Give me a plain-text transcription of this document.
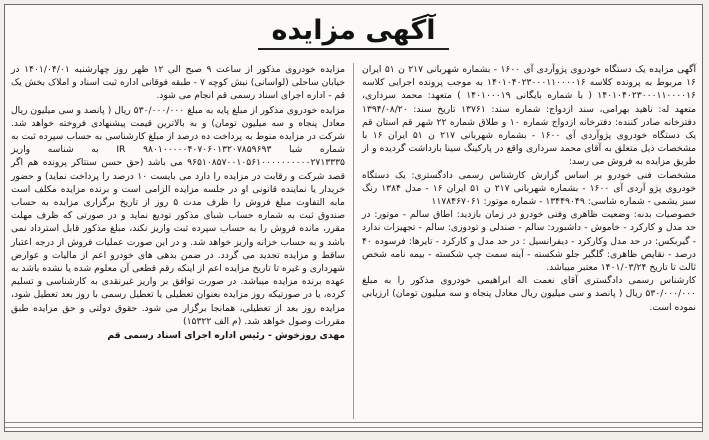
آگهی مزایده

آگهی مزایده یک دستگاه خودروی پژوآردی آی ۱۶۰۰ - بشماره شهربانی ۲۱۷ ن ۵۱ ایران ۱۶ مربوط به پرونده کلاسه ۱۴۰۱۰۴۰۲۳۰۰۰۱۱۰۰۰۰۱۶ به موجب پرونده اجرایی کلاسه ۱۴۰۱۰۴۰۲۳۰۰۰۱۱۰۰۰۰۱۶ ( با شماره بایگانی ۱۴۰۱۰۰۰۱۹ ) متعهد: محمد سرداری، متعهد له: ناهید بهرامی، سند ازدواج: شماره سند: ۱۳۷۶۱ تاریخ سند: ۱۳۹۴/۰۸/۲۰ دفترخانه صادر کننده: دفترخانه ازدواج شماره ۱۰ و طلاق شماره ۲۲ شهر قم استان قم یک دستگاه خودروی پژوآردی آی ۱۶۰۰ - بشماره شهربانی ۲۱۷ ن ۵۱ ایران ۱۶ با مشخصات ذیل متعلق به آقای محمد سرداری واقع در پارکینگ سینا بازداشت گردیده و از طریق مزایده به فروش می رسد:

مشخصات فنی خودرو بر اساس گزارش کارشناس رسمی دادگستری: یک دستگاه خودروی پژو آردی آی ۱۶۰۰ - بشماره شهربانی ۲۱۷ ن ۵۱ ایران ۱۶ - مدل ۱۳۸۴ رنگ سبز یشمی - شماره شاسی: ۱۳۴۴۹۰۴۹ - شماره موتور: ۱۱۷۸۴۶۷۰۶۱

خصوصیات بدنه: وضعیت ظاهری وفنی خودرو در زمان بازدید: اطاق سالم - موتور: در حد مدل و کارکرد - خاموش - داشبورد: سالم - صندلی و تودوزی: سالم - تجهیزات ندارد - گیربکس: در حد مدل وکارکرد - دیفرانسیل : در حد مدل و کارکرد - تایرها: فرسوده ۴۰ درصد - نقایص ظاهری: گلگیر جلو شکسته - آینه سمت چپ شکسته - بیمه نامه شخص ثالث تا تاریخ ۱۴۰۱/۰۳/۲۴ معتبر میباشد.

کارشناس رسمی دادگستری آقای نعمت اله ابراهیمی خودروی مذکور را به مبلغ ۵۳۰/۰۰۰/۰۰۰ ریال ( پانصد و سی میلیون ریال معادل پنجاه و سه میلیون تومان) ارزیابی نموده است.

مزایده خودروی مذکور از ساعت ۹ صبح الی ۱۲ ظهر روز چهارشنبه ۱۴۰۱/۰۴/۰۱ در خیابان ساحلی (لواسانی) نبش کوچه ۷ - طبقه فوقانی اداره ثبت اسناد و املاک بخش یک قم - اداره اجرای اسناد رسمی قم انجام می شود.

مزایده خودروی مذکور از مبلغ پایه به مبلغ ۵۳۰/۰۰۰/۰۰۰ ریال ( پانصد و سی میلیون ریال معادل پنجاه و سه میلیون تومان) و به بالاترین قیمت پیشنهادی فروخته خواهد شد. شرکت در مزایده منوط به پرداخت ده درصد از مبلغ کارشناسی به حساب سپرده ثبت به شماره شبا ۹۸۰۱۰۰۰۰۰۴۰۷۰۶۰۱۳۲۰۷۸۵۹۶۹۳ IR به شناسه واریز ۹۶۵۱۰۸۵۷۰۰۱۰۵۶۱۰۰۰۰۰۰۰۰۰۰۲۷۱۳۳۳۵ می باشد (حق حسن سنتاکر پرونده هم اگر قصد شرکت و رقابت در مزایده را دارد می بایست ۱۰ درصد را پرداخت نماید) و حضور خریدار یا نماینده قانونی او در جلسه مزایده الزامی است و برنده مزایده مکلف است مابه التفاوت مبلغ فروش را ظرف مدت ۵ روز از تاریخ برگزاری مزایده به حساب صندوق ثبت به شماره حساب شبای مذکور تودیع نماید و در صورتی که ظرف مهلت مقرر، مانده فروش را به حساب سپرده ثبت واریز نکند، مبلغ مذکور قابل استرداد نمی باشد و به حساب خزانه واریز خواهد شد. و در این صورت عملیات فروش از درجه اعتبار ساقط و مزایده تجدید می گردد. در ضمن بدهی های خودرو اعم از مالیات و عوارض شهرداری و غیره تا تاریخ مزایده اعم از اینکه رقم قطعی آن معلوم شده یا نشده باشد به عهده برنده مزایده میباشد. در صورت توافق بر واریز غیرنقدی به کارشناسی و تسلیم کرده، یا در صورتیکه روز مزایده بعنوان تعطیلی یا تعطیل رسمی با روز بعد تعطیل شود، مزایده روز بعد از تعطیلی، همانجا برگزار می شود. حقوق دولتی و حق مزایده طبق مقررات وصول خواهد شد. (م الف ۱۵۳۲۲)

مهدی روزخوش - رئیس اداره اجرای اسناد رسمی قم
